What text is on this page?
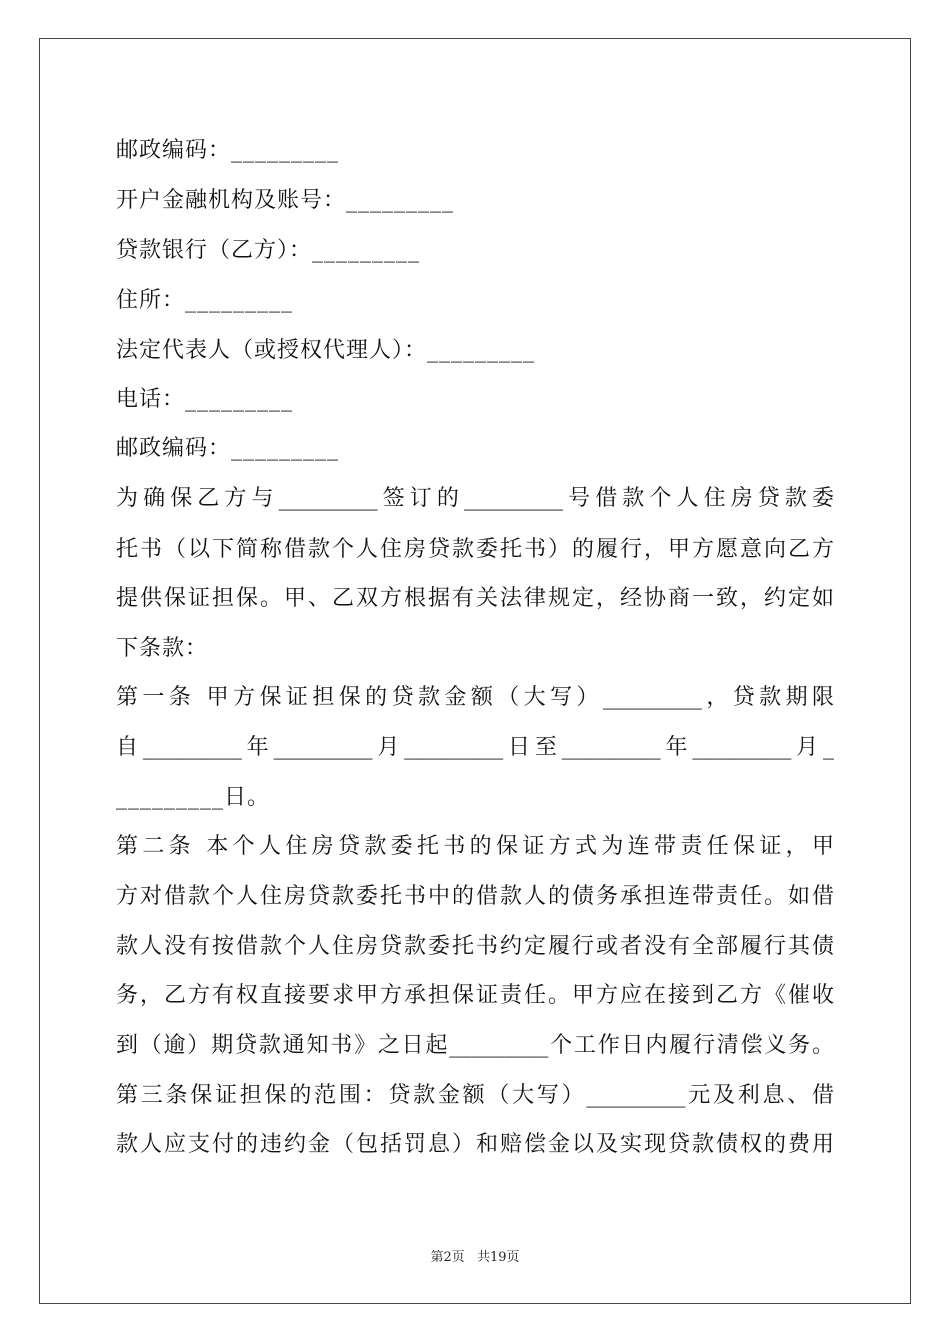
邮政编码：_________
开户金融机构及账号：_________
贷款银行（乙方）：_________
住所：_________
法定代表人（或授权代理人）：_________
电话：_________
邮政编码：_________
为确保乙方与_________签订的_________号借款个人住房贷款委
托书（以下简称借款个人住房贷款委托书）的履行，甲方愿意向乙方
提供保证担保。甲、乙双方根据有关法律规定，经协商一致，约定如
下条款：
第一条 甲方保证担保的贷款金额（大写）_________，贷款期限
自_________年_________月_________日至_________年_________月_
_________日。
第二条 本个人住房贷款委托书的保证方式为连带责任保证，甲
方对借款个人住房贷款委托书中的借款人的债务承担连带责任。如借
款人没有按借款个人住房贷款委托书约定履行或者没有全部履行其债
务，乙方有权直接要求甲方承担保证责任。甲方应在接到乙方《催收
到（逾）期贷款通知书》之日起_________个工作日内履行清偿义务。
第三条保证担保的范围：贷款金额（大写）_________元及利息、借
款人应支付的违约金（包括罚息）和赔偿金以及实现贷款债权的费用
第2页 共19页
